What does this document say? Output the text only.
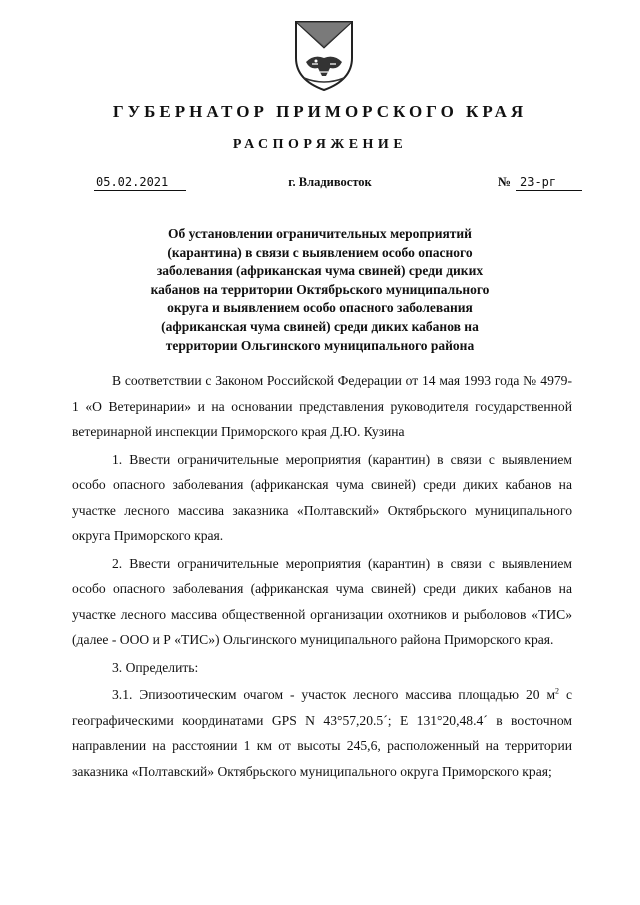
ГУБЕРНАТОР ПРИМОРСКОГО КРАЯ
РАСПОРЯЖЕНИЕ
05.02.2021	г. Владивосток	№ 23-рг

Об установлении ограничительных мероприятий
(карантина) в связи с выявлением особо опасного
заболевания (африканская чума свиней) среди диких
кабанов на территории Октябрьского муниципального
округа и выявлением особо опасного заболевания
(африканская чума свиней) среди диких кабанов на
территории Ольгинского муниципального района

В соответствии с Законом Российской Федерации от 14 мая 1993 года № 4979-1 «О Ветеринарии» и на основании представления руководителя государственной ветеринарной инспекции Приморского края Д.Ю. Кузина

1. Ввести ограничительные мероприятия (карантин) в связи с выявлением особо опасного заболевания (африканская чума свиней) среди диких кабанов на участке лесного массива заказника «Полтавский» Октябрьского муниципального округа Приморского края.

2. Ввести ограничительные мероприятия (карантин) в связи с выявлением особо опасного заболевания (африканская чума свиней) среди диких кабанов на участке лесного массива общественной организации охотников и рыболовов «ТИС» (далее - ООО и Р «ТИС») Ольгинского муниципального района Приморского края.

3. Определить:

3.1. Эпизоотическим очагом - участок лесного массива площадью 20 $м^2$ с географическими координатами GPS N 43°57,20.5´; E 131°20,48.4´ в восточном направлении на расстоянии 1 км от высоты 245,6, расположенный на территории заказника «Полтавский» Октябрьского муниципального округа Приморского края;
